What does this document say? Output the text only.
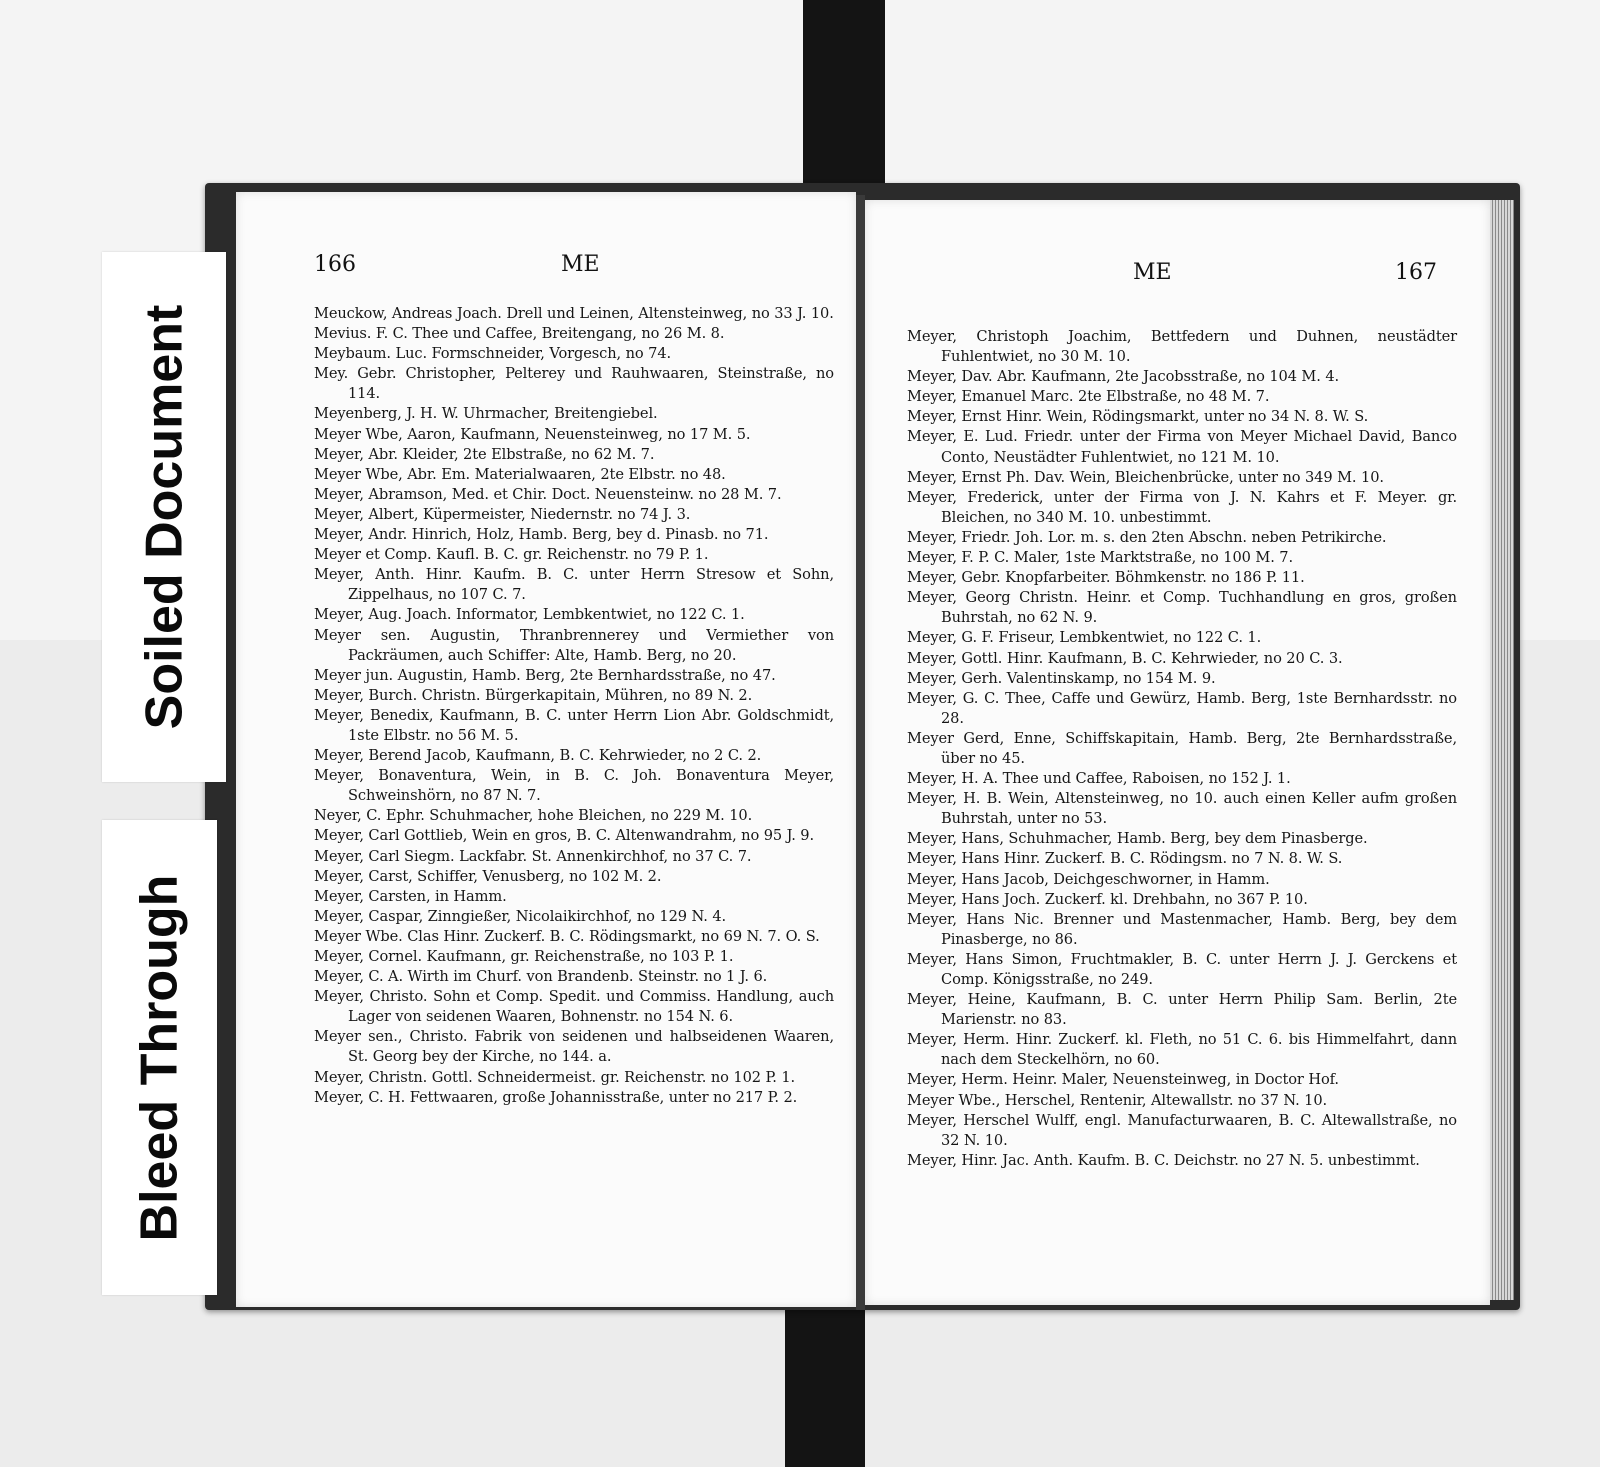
166	ME
Meuckow, Andreas Joach. Drell und Leinen, Altensteinweg, no 33 J. 10.
Mevius. F. C. Thee und Caffee, Breitengang, no 26 M. 8.
Meybaum. Luc. Formschneider, Vorgesch, no 74.
Mey. Gebr. Christopher, Pelterey und Rauhwaaren, Steinstraße, no 114.
Meyenberg, J. H. W. Uhrmacher, Breitengiebel.
Meyer Wbe, Aaron, Kaufmann, Neuensteinweg, no 17 M. 5.
Meyer, Abr. Kleider, 2te Elbstraße, no 62 M. 7.
Meyer Wbe, Abr. Em. Materialwaaren, 2te Elbstr. no 48.
Meyer, Abramson, Med. et Chir. Doct. Neuensteinw. no 28 M. 7.
Meyer, Albert, Küpermeister, Niedernstr. no 74 J. 3.
Meyer, Andr. Hinrich, Holz, Hamb. Berg, bey d. Pinasb. no 71.
Meyer et Comp. Kaufl. B. C. gr. Reichenstr. no 79 P. 1.
Meyer, Anth. Hinr. Kaufm. B. C. unter Herrn Stresow et Sohn, Zippelhaus, no 107 C. 7.
Meyer, Aug. Joach. Informator, Lembkentwiet, no 122 C. 1.
Meyer sen. Augustin, Thranbrennerey und Vermiether von Packräumen, auch Schiffer: Alte, Hamb. Berg, no 20.
Meyer jun. Augustin, Hamb. Berg, 2te Bernhardsstraße, no 47.
Meyer, Burch. Christn. Bürgerkapitain, Mühren, no 89 N. 2.
Meyer, Benedix, Kaufmann, B. C. unter Herrn Lion Abr. Goldschmidt, 1ste Elbstr. no 56 M. 5.
Meyer, Berend Jacob, Kaufmann, B. C. Kehrwieder, no 2 C. 2.
Meyer, Bonaventura, Wein, in B. C. Joh. Bonaventura Meyer, Schweinshörn, no 87 N. 7.
Neyer, C. Ephr. Schuhmacher, hohe Bleichen, no 229 M. 10.
Meyer, Carl Gottlieb, Wein en gros, B. C. Altenwandrahm, no 95 J. 9.
Meyer, Carl Siegm. Lackfabr. St. Annenkirchhof, no 37 C. 7.
Meyer, Carst, Schiffer, Venusberg, no 102 M. 2.
Meyer, Carsten, in Hamm.
Meyer, Caspar, Zinngießer, Nicolaikirchhof, no 129 N. 4.
Meyer Wbe. Clas Hinr. Zuckerf. B. C. Rödingsmarkt, no 69 N. 7. O. S.
Meyer, Cornel. Kaufmann, gr. Reichenstraße, no 103 P. 1.
Meyer, C. A. Wirth im Churf. von Brandenb. Steinstr. no 1 J. 6.
Meyer, Christo. Sohn et Comp. Spedit. und Commiss. Handlung, auch Lager von seidenen Waaren, Bohnenstr. no 154 N. 6.
Meyer sen., Christo. Fabrik von seidenen und halbseidenen Waaren, St. Georg bey der Kirche, no 144. a.
Meyer, Christn. Gottl. Schneidermeist. gr. Reichenstr. no 102 P. 1.
Meyer, C. H. Fettwaaren, große Johannisstraße, unter no 217 P. 2.
ME	167
Meyer, Christoph Joachim, Bettfedern und Duhnen, neustädter Fuhlentwiet, no 30 M. 10.
Meyer, Dav. Abr. Kaufmann, 2te Jacobsstraße, no 104 M. 4.
Meyer, Emanuel Marc. 2te Elbstraße, no 48 M. 7.
Meyer, Ernst Hinr. Wein, Rödingsmarkt, unter no 34 N. 8. W. S.
Meyer, E. Lud. Friedr. unter der Firma von Meyer Michael David, Banco Conto, Neustädter Fuhlentwiet, no 121 M. 10.
Meyer, Ernst Ph. Dav. Wein, Bleichenbrücke, unter no 349 M. 10.
Meyer, Frederick, unter der Firma von J. N. Kahrs et F. Meyer. gr. Bleichen, no 340 M. 10. unbestimmt.
Meyer, Friedr. Joh. Lor. m. s. den 2ten Abschn. neben Petrikirche.
Meyer, F. P. C. Maler, 1ste Marktstraße, no 100 M. 7.
Meyer, Gebr. Knopfarbeiter. Böhmkenstr. no 186 P. 11.
Meyer, Georg Christn. Heinr. et Comp. Tuchhandlung en gros, großen Buhrstah, no 62 N. 9.
Meyer, G. F. Friseur, Lembkentwiet, no 122 C. 1.
Meyer, Gottl. Hinr. Kaufmann, B. C. Kehrwieder, no 20 C. 3.
Meyer, Gerh. Valentinskamp, no 154 M. 9.
Meyer, G. C. Thee, Caffe und Gewürz, Hamb. Berg, 1ste Bernhardsstr. no 28.
Meyer Gerd, Enne, Schiffskapitain, Hamb. Berg, 2te Bernhardsstraße, über no 45.
Meyer, H. A. Thee und Caffee, Raboisen, no 152 J. 1.
Meyer, H. B. Wein, Altensteinweg, no 10. auch einen Keller aufm großen Buhrstah, unter no 53.
Meyer, Hans, Schuhmacher, Hamb. Berg, bey dem Pinasberge.
Meyer, Hans Hinr. Zuckerf. B. C. Rödingsm. no 7 N. 8. W. S.
Meyer, Hans Jacob, Deichgeschworner, in Hamm.
Meyer, Hans Joch. Zuckerf. kl. Drehbahn, no 367 P. 10.
Meyer, Hans Nic. Brenner und Mastenmacher, Hamb. Berg, bey dem Pinasberge, no 86.
Meyer, Hans Simon, Fruchtmakler, B. C. unter Herrn J. J. Gerckens et Comp. Königsstraße, no 249.
Meyer, Heine, Kaufmann, B. C. unter Herrn Philip Sam. Berlin, 2te Marienstr. no 83.
Meyer, Herm. Hinr. Zuckerf. kl. Fleth, no 51 C. 6. bis Himmelfahrt, dann nach dem Steckelhörn, no 60.
Meyer, Herm. Heinr. Maler, Neuensteinweg, in Doctor Hof.
Meyer Wbe., Herschel, Rentenir, Altewallstr. no 37 N. 10.
Meyer, Herschel Wulff, engl. Manufacturwaaren, B. C. Altewallstraße, no 32 N. 10.
Meyer, Hinr. Jac. Anth. Kaufm. B. C. Deichstr. no 27 N. 5. unbestimmt.
Soiled Document
Bleed Through
